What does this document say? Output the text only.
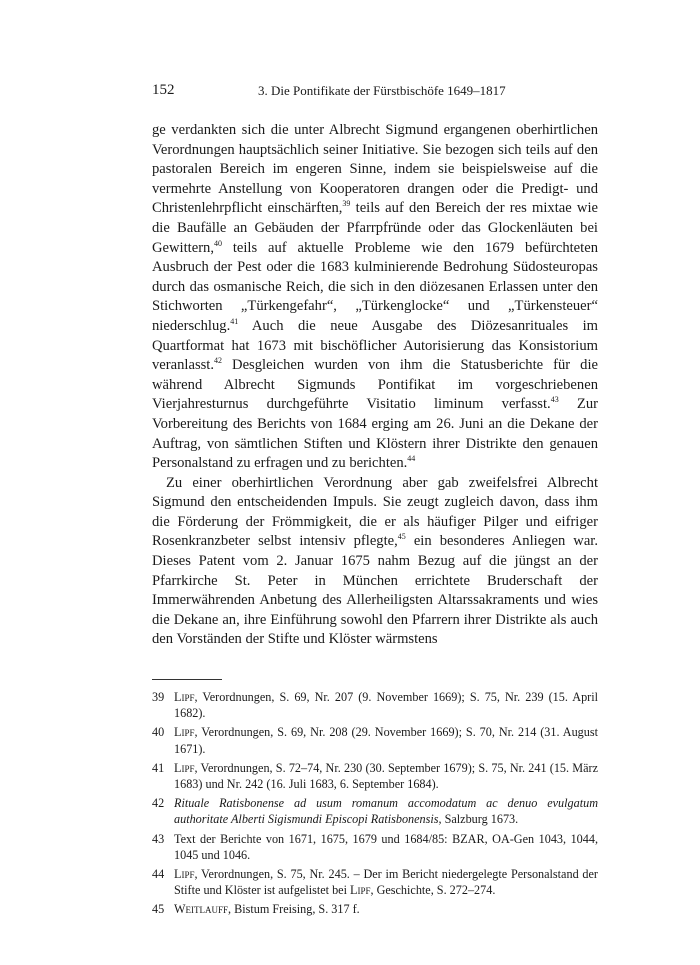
152	3. Die Pontifikate der Fürstbischöfe 1649–1817

ge verdankten sich die unter Albrecht Sigmund ergangenen oberhirtlichen Verordnungen hauptsächlich seiner Initiative. Sie bezogen sich teils auf den pastoralen Bereich im engeren Sinne, indem sie beispielsweise auf die vermehrte Anstellung von Kooperatoren drangen oder die Predigt- und Christenlehrpflicht einschärften,$^{39}$ teils auf den Bereich der res mixtae wie die Baufälle an Gebäuden der Pfarrpfründe oder das Glockenläuten bei Gewittern,$^{40}$ teils auf aktuelle Probleme wie den 1679 befürchteten Ausbruch der Pest oder die 1683 kulminierende Bedrohung Südosteuropas durch das osmanische Reich, die sich in den diözesanen Erlassen unter den Stichworten „Türkengefahr“, „Türkenglocke“ und „Türkensteuer“ niederschlug.$^{41}$ Auch die neue Ausgabe des Diözesanrituales im Quartformat hat 1673 mit bischöflicher Autorisierung das Konsistorium veranlasst.$^{42}$ Desgleichen wurden von ihm die Statusberichte für die während Albrecht Sigmunds Pontifikat im vorgeschriebenen Vierjahresturnus durchgeführte Visitatio liminum verfasst.$^{43}$ Zur Vorbereitung des Berichts von 1684 erging am 26. Juni an die Dekane der Auftrag, von sämtlichen Stiften und Klöstern ihrer Distrikte den genauen Personalstand zu erfragen und zu berichten.$^{44}$

Zu einer oberhirtlichen Verordnung aber gab zweifelsfrei Albrecht Sigmund den entscheidenden Impuls. Sie zeugt zugleich davon, dass ihm die Förderung der Frömmigkeit, die er als häufiger Pilger und eifriger Rosenkranzbeter selbst intensiv pflegte,$^{45}$ ein besonderes Anliegen war. Dieses Patent vom 2. Januar 1675 nahm Bezug auf die jüngst an der Pfarrkirche St. Peter in München errichtete Bruderschaft der Immerwährenden Anbetung des Allerheiligsten Altarssakraments und wies die Dekane an, ihre Einführung sowohl den Pfarrern ihrer Distrikte als auch den Vorständen der Stifte und Klöster wärmstens

39 Lipf, Verordnungen, S. 69, Nr. 207 (9. November 1669); S. 75, Nr. 239 (15. April 1682).
40 Lipf, Verordnungen, S. 69, Nr. 208 (29. November 1669); S. 70, Nr. 214 (31. August 1671).
41 Lipf, Verordnungen, S. 72–74, Nr. 230 (30. September 1679); S. 75, Nr. 241 (15. März 1683) und Nr. 242 (16. Juli 1683, 6. September 1684).
42 Rituale Ratisbonense ad usum romanum accomodatum ac denuo evulgatum authoritate Alberti Sigismundi Episcopi Ratisbonensis, Salzburg 1673.
43 Text der Berichte von 1671, 1675, 1679 und 1684/85: BZAR, OA-Gen 1043, 1044, 1045 und 1046.
44 Lipf, Verordnungen, S. 75, Nr. 245. – Der im Bericht niedergelegte Personalstand der Stifte und Klöster ist aufgelistet bei Lipf, Geschichte, S. 272–274.
45 Weitlauff, Bistum Freising, S. 317 f.
